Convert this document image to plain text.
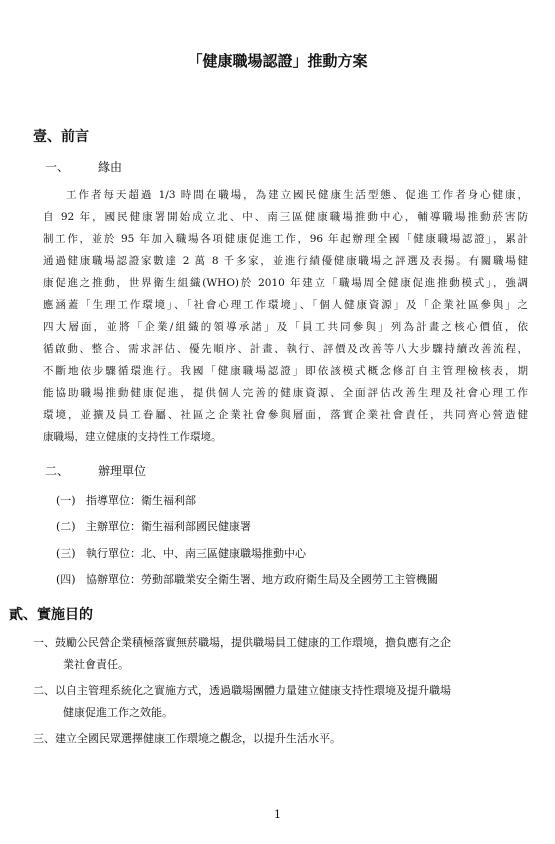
「健康職場認證」推動方案
壹、前言
一、 緣由
工作者每天超過 1/3 時間在職場，為建立國民健康生活型態、促進工作者身心健康，
自 92 年，國民健康署開始成立北、中、南三區健康職場推動中心，輔導職場推動菸害防
制工作，並於 95 年加入職場各項健康促進工作，96 年起辦理全國「健康職場認證」，累計
通過健康職場認證家數達 2 萬 8 千多家，並進行績優健康職場之評選及表揚。有關職場健
康促進之推動，世界衛生組織(WHO)於 2010 年建立「職場周全健康促進推動模式」，強調
應涵蓋「生理工作環境」、「社會心理工作環境」、「個人健康資源」及「企業社區參與」之
四大層面，並將「企業/組織的領導承諾」及「員工共同參與」列為計畫之核心價值，依
循啟動、整合、需求評估、優先順序、計畫、執行、評價及改善等八大步驟持續改善流程，
不斷地依步驟循環進行。我國「健康職場認證」即依該模式概念修訂自主管理檢核表，期
能協助職場推動健康促進，提供個人完善的健康資源、全面評估改善生理及社會心理工作
環境，並擴及員工眷屬、社區之企業社會參與層面，落實企業社會責任，共同齊心營造健
康職場，建立健康的支持性工作環境。
二、 辦理單位
(一) 指導單位：衛生福利部
(二) 主辦單位：衛生福利部國民健康署
(三) 執行單位：北、中、南三區健康職場推動中心
(四) 協辦單位：勞動部職業安全衛生署、地方政府衛生局及全國勞工主管機關
貳、實施目的
一、鼓勵公民營企業積極落實無菸職場，提供職場員工健康的工作環境，擔負應有之企
業社會責任。
二、以自主管理系統化之實施方式，透過職場團體力量建立健康支持性環境及提升職場
健康促進工作之效能。
三、建立全國民眾選擇健康工作環境之觀念，以提升生活水平。
1
